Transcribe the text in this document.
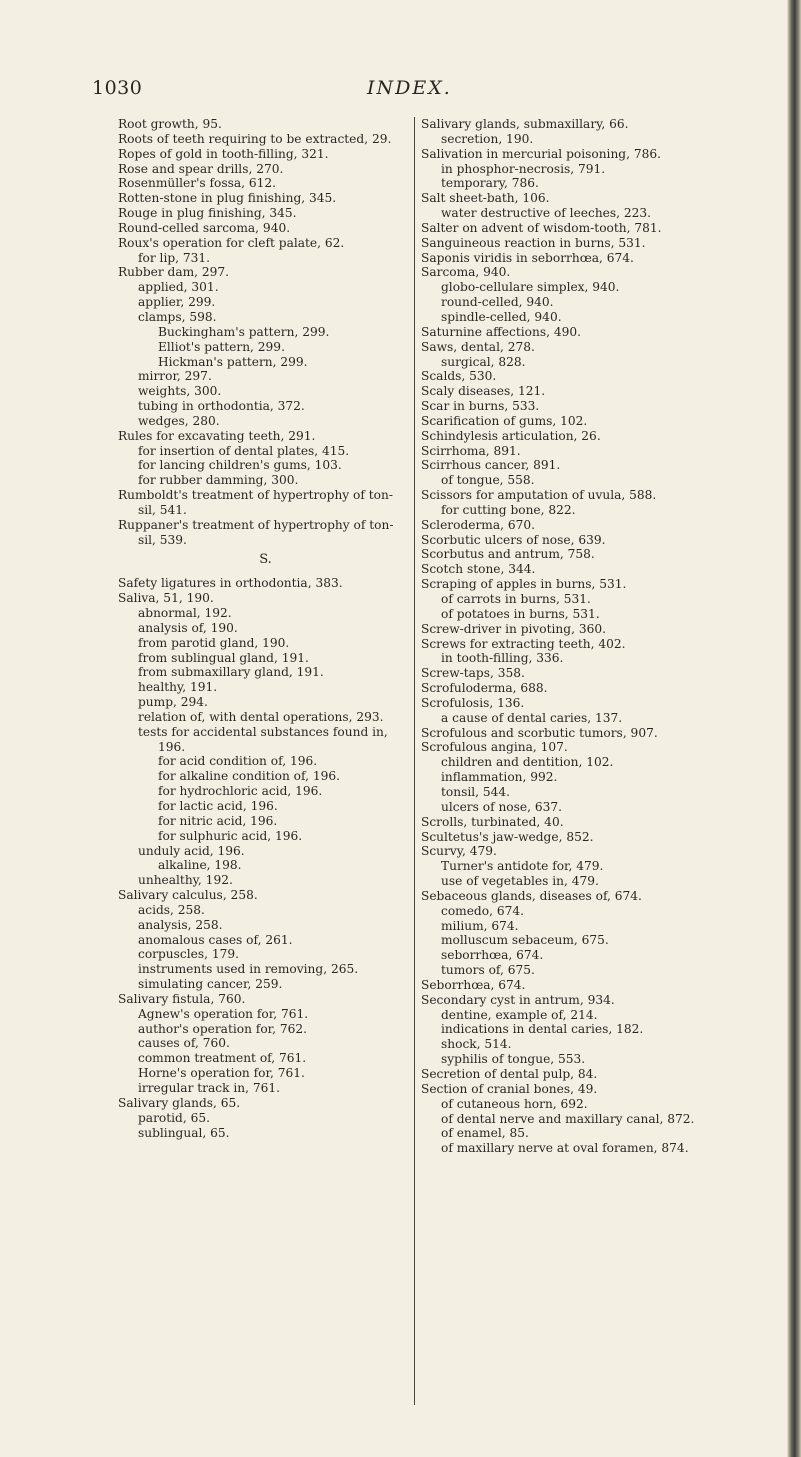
1030	INDEX.
Root growth, 95.
Roots of teeth requiring to be extracted, 29.
Ropes of gold in tooth-filling, 321.
Rose and spear drills, 270.
Rosenmüller's fossa, 612.
Rotten-stone in plug finishing, 345.
Rouge in plug finishing, 345.
Round-celled sarcoma, 940.
Roux's operation for cleft palate, 62.
for lip, 731.
Rubber dam, 297.
applied, 301.
applier, 299.
clamps, 598.
Buckingham's pattern, 299.
Elliot's pattern, 299.
Hickman's pattern, 299.
mirror, 297.
weights, 300.
tubing in orthodontia, 372.
wedges, 280.
Rules for excavating teeth, 291.
for insertion of dental plates, 415.
for lancing children's gums, 103.
for rubber damming, 300.
Rumboldt's treatment of hypertrophy of ton- sil, 541.
Ruppaner's treatment of hypertrophy of ton- sil, 539.
S.
Safety ligatures in orthodontia, 383.
Saliva, 51, 190.
abnormal, 192.
analysis of, 190.
from parotid gland, 190.
from sublingual gland, 191.
from submaxillary gland, 191.
healthy, 191.
pump, 294.
relation of, with dental operations, 293.
tests for accidental substances found in, 196.
for acid condition of, 196.
for alkaline condition of, 196.
for hydrochloric acid, 196.
for lactic acid, 196.
for nitric acid, 196.
for sulphuric acid, 196.
unduly acid, 196.
alkaline, 198.
unhealthy, 192.
Salivary calculus, 258.
acids, 258.
analysis, 258.
anomalous cases of, 261.
corpuscles, 179.
instruments used in removing, 265.
simulating cancer, 259.
Salivary fistula, 760.
Agnew's operation for, 761.
author's operation for, 762.
causes of, 760.
common treatment of, 761.
Horne's operation for, 761.
irregular track in, 761.
Salivary glands, 65.
parotid, 65.
sublingual, 65.
Salivary glands, submaxillary, 66.
secretion, 190.
Salivation in mercurial poisoning, 786.
in phosphor-necrosis, 791.
temporary, 786.
Salt sheet-bath, 106.
water destructive of leeches, 223.
Salter on advent of wisdom-tooth, 781.
Sanguineous reaction in burns, 531.
Saponis viridis in seborrhœa, 674.
Sarcoma, 940.
globo-cellulare simplex, 940.
round-celled, 940.
spindle-celled, 940.
Saturnine affections, 490.
Saws, dental, 278.
surgical, 828.
Scalds, 530.
Scaly diseases, 121.
Scar in burns, 533.
Scarification of gums, 102.
Schindylesis articulation, 26.
Scirrhoma, 891.
Scirrhous cancer, 891.
of tongue, 558.
Scissors for amputation of uvula, 588.
for cutting bone, 822.
Scleroderma, 670.
Scorbutic ulcers of nose, 639.
Scorbutus and antrum, 758.
Scotch stone, 344.
Scraping of apples in burns, 531.
of carrots in burns, 531.
of potatoes in burns, 531.
Screw-driver in pivoting, 360.
Screws for extracting teeth, 402.
in tooth-filling, 336.
Screw-taps, 358.
Scrofuloderma, 688.
Scrofulosis, 136.
a cause of dental caries, 137.
Scrofulous and scorbutic tumors, 907.
Scrofulous angina, 107.
children and dentition, 102.
inflammation, 992.
tonsil, 544.
ulcers of nose, 637.
Scrolls, turbinated, 40.
Scultetus's jaw-wedge, 852.
Scurvy, 479.
Turner's antidote for, 479.
use of vegetables in, 479.
Sebaceous glands, diseases of, 674.
comedo, 674.
milium, 674.
molluscum sebaceum, 675.
seborrhœa, 674.
tumors of, 675.
Seborrhœa, 674.
Secondary cyst in antrum, 934.
dentine, example of, 214.
indications in dental caries, 182.
shock, 514.
syphilis of tongue, 553.
Secretion of dental pulp, 84.
Section of cranial bones, 49.
of cutaneous horn, 692.
of dental nerve and maxillary canal, 872.
of enamel, 85.
of maxillary nerve at oval foramen, 874.
